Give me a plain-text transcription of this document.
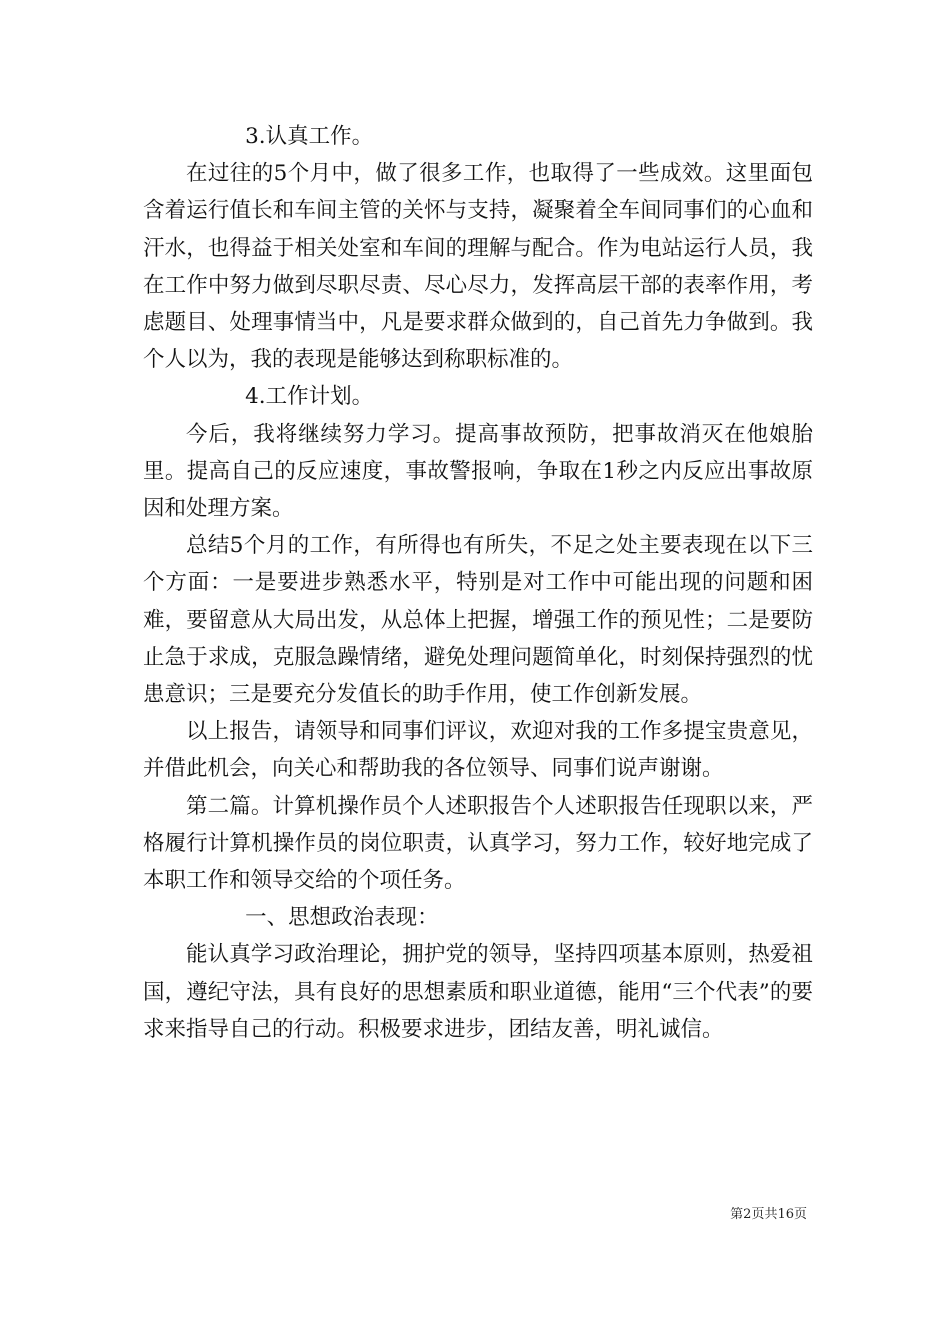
3.认真工作。

在过往的5个月中，做了很多工作，也取得了一些成效。这里面包含着运行值长和车间主管的关怀与支持，凝聚着全车间同事们的心血和汗水，也得益于相关处室和车间的理解与配合。作为电站运行人员，我在工作中努力做到尽职尽责、尽心尽力，发挥高层干部的表率作用，考虑题目、处理事情当中，凡是要求群众做到的，自己首先力争做到。我个人以为，我的表现是能够达到称职标准的。

4.工作计划。

今后，我将继续努力学习。提高事故预防，把事故消灭在他娘胎里。提高自己的反应速度，事故警报响，争取在1秒之内反应出事故原因和处理方案。

总结5个月的工作，有所得也有所失，不足之处主要表现在以下三个方面：一是要进步熟悉水平，特别是对工作中可能出现的问题和困难，要留意从大局出发，从总体上把握，增强工作的预见性；二是要防止急于求成，克服急躁情绪，避免处理问题简单化，时刻保持强烈的忧患意识；三是要充分发值长的助手作用，使工作创新发展。

以上报告，请领导和同事们评议，欢迎对我的工作多提宝贵意见，并借此机会，向关心和帮助我的各位领导、同事们说声谢谢。

第二篇。计算机操作员个人述职报告个人述职报告任现职以来，严格履行计算机操作员的岗位职责，认真学习，努力工作，较好地完成了本职工作和领导交给的个项任务。

一、思想政治表现：

能认真学习政治理论，拥护党的领导，坚持四项基本原则，热爱祖国，遵纪守法，具有良好的思想素质和职业道德，能用“三个代表”的要求来指导自己的行动。积极要求进步，团结友善，明礼诚信。

第2页共16页
